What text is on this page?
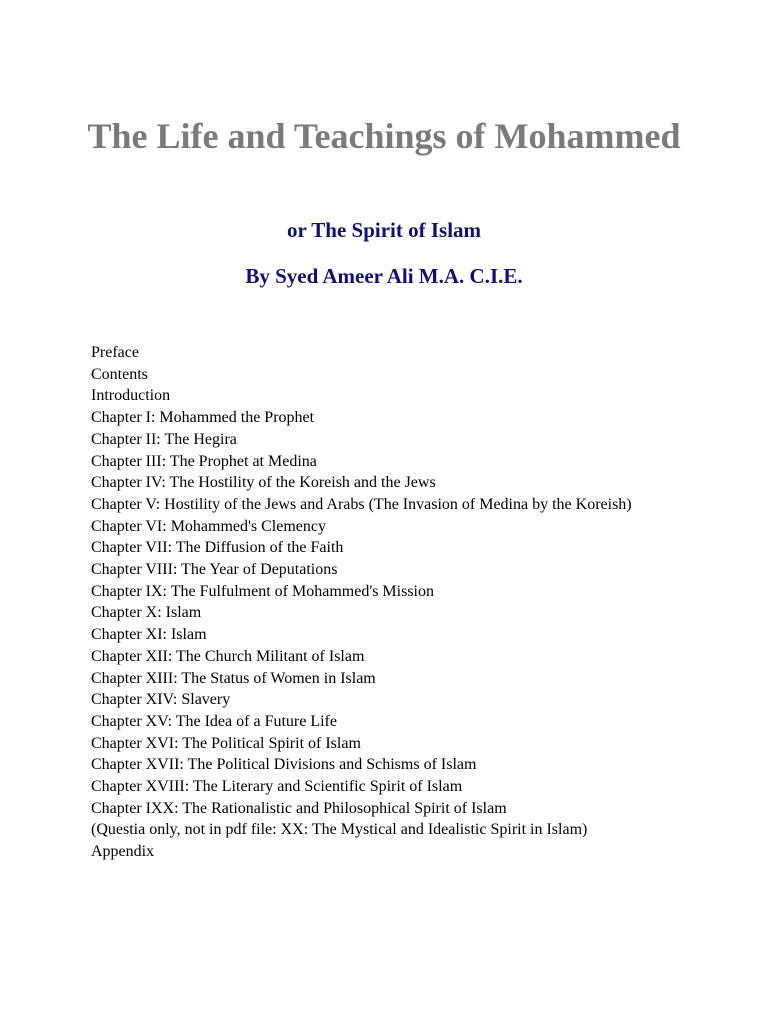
The Life and Teachings of Mohammed
or The Spirit of Islam
By Syed Ameer Ali M.A. C.I.E.
Preface
Contents
Introduction
Chapter I: Mohammed the Prophet
Chapter II: The Hegira
Chapter III: The Prophet at Medina
Chapter IV: The Hostility of the Koreish and the Jews
Chapter V: Hostility of the Jews and Arabs (The Invasion of Medina by the Koreish)
Chapter VI: Mohammed's Clemency
Chapter VII: The Diffusion of the Faith
Chapter VIII: The Year of Deputations
Chapter IX: The Fulfulment of Mohammed's Mission
Chapter X: Islam
Chapter XI: Islam
Chapter XII: The Church Militant of Islam
Chapter XIII: The Status of Women in Islam
Chapter XIV: Slavery
Chapter XV: The Idea of a Future Life
Chapter XVI: The Political Spirit of Islam
Chapter XVII: The Political Divisions and Schisms of Islam
Chapter XVIII: The Literary and Scientific Spirit of Islam
Chapter IXX: The Rationalistic and Philosophical Spirit of Islam
(Questia only, not in pdf file: XX: The Mystical and Idealistic Spirit in Islam)
Appendix
